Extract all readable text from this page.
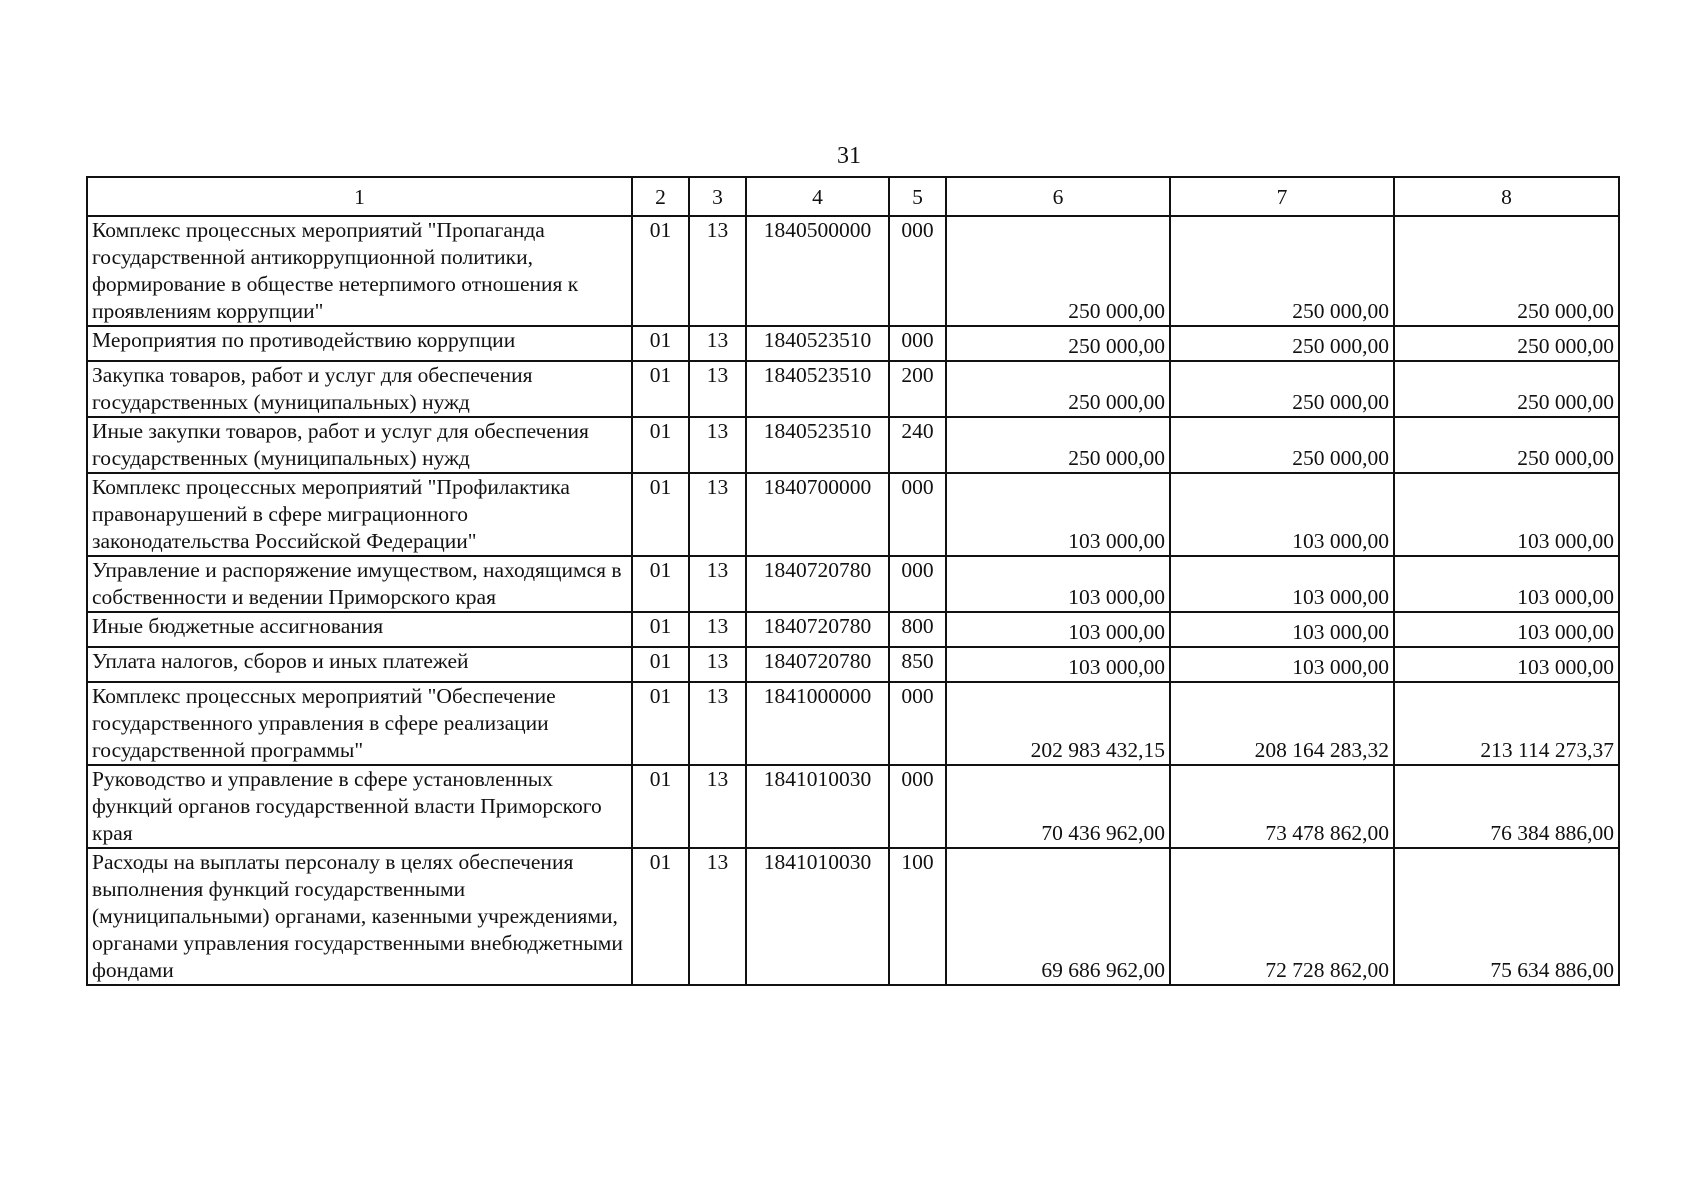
31
1	2	3	4	5	6	7	8
Комплекс процессных мероприятий "Пропаганда государственной антикоррупционной политики, формирование в обществе нетерпимого отношения к проявлениям коррупции"	01	13	1840500000	000	250 000,00	250 000,00	250 000,00
Мероприятия по противодействию коррупции	01	13	1840523510	000	250 000,00	250 000,00	250 000,00
Закупка товаров, работ и услуг для обеспечения государственных (муниципальных) нужд	01	13	1840523510	200	250 000,00	250 000,00	250 000,00
Иные закупки товаров, работ и услуг для обеспечения государственных (муниципальных) нужд	01	13	1840523510	240	250 000,00	250 000,00	250 000,00
Комплекс процессных мероприятий "Профилактика правонарушений в сфере миграционного законодательства Российской Федерации"	01	13	1840700000	000	103 000,00	103 000,00	103 000,00
Управление и распоряжение имуществом, находящимся в собственности и ведении Приморского края	01	13	1840720780	000	103 000,00	103 000,00	103 000,00
Иные бюджетные ассигнования	01	13	1840720780	800	103 000,00	103 000,00	103 000,00
Уплата налогов, сборов и иных платежей	01	13	1840720780	850	103 000,00	103 000,00	103 000,00
Комплекс процессных мероприятий "Обеспечение государственного управления в сфере реализации государственной программы"	01	13	1841000000	000	202 983 432,15	208 164 283,32	213 114 273,37
Руководство и управление в сфере установленных функций органов государственной власти Приморского края	01	13	1841010030	000	70 436 962,00	73 478 862,00	76 384 886,00
Расходы на выплаты персоналу в целях обеспечения выполнения функций государственными (муниципальными) органами, казенными учреждениями, органами управления государственными внебюджетными фондами	01	13	1841010030	100	69 686 962,00	72 728 862,00	75 634 886,00
